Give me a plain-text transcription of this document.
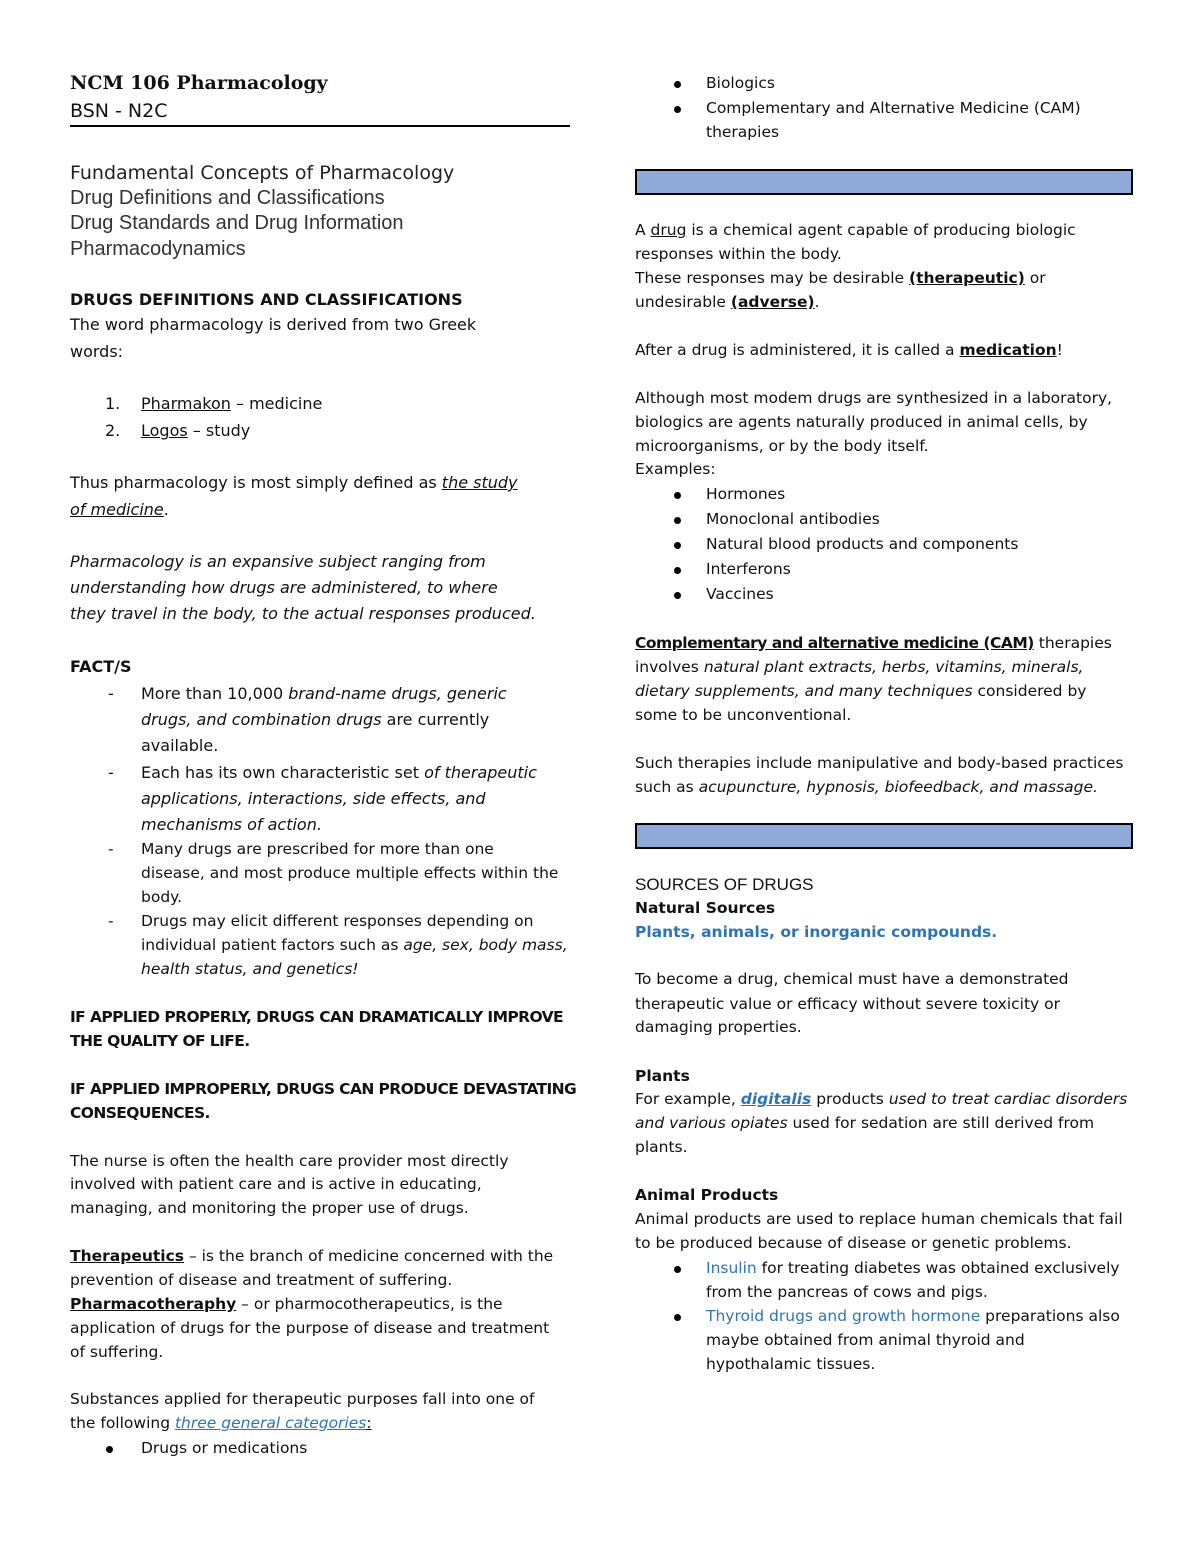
NCM 106 Pharmacology
BSN - N2C
Fundamental Concepts of Pharmacology
Drug Definitions and Classifications
Drug Standards and Drug Information
Pharmacodynamics
DRUGS DEFINITIONS AND CLASSIFICATIONS
The word pharmacology is derived from two Greek
words:
1. Pharmakon – medicine
2. Logos – study
Thus pharmacology is most simply defined as the study
of medicine.
Pharmacology is an expansive subject ranging from
understanding how drugs are administered, to where
they travel in the body, to the actual responses produced.
FACT/S
- More than 10,000 brand-name drugs, generic
drugs, and combination drugs are currently
available.
- Each has its own characteristic set of therapeutic
applications, interactions, side effects, and
mechanisms of action.
- Many drugs are prescribed for more than one
disease, and most produce multiple effects within the
body.
- Drugs may elicit different responses depending on
individual patient factors such as age, sex, body mass,
health status, and genetics!
IF APPLIED PROPERLY, DRUGS CAN DRAMATICALLY IMPROVE
THE QUALITY OF LIFE.
IF APPLIED IMPROPERLY, DRUGS CAN PRODUCE DEVASTATING
CONSEQUENCES.
The nurse is often the health care provider most directly
involved with patient care and is active in educating,
managing, and monitoring the proper use of drugs.
Therapeutics – is the branch of medicine concerned with the
prevention of disease and treatment of suffering.
Pharmacotheraphy – or pharmocotherapeutics, is the
application of drugs for the purpose of disease and treatment
of suffering.
Substances applied for therapeutic purposes fall into one of
the following three general categories:
Drugs or medications
Biologics
Complementary and Alternative Medicine (CAM)
therapies
A drug is a chemical agent capable of producing biologic
responses within the body.
These responses may be desirable (therapeutic) or
undesirable (adverse).
After a drug is administered, it is called a medication!
Although most modem drugs are synthesized in a laboratory,
biologics are agents naturally produced in animal cells, by
microorganisms, or by the body itself.
Examples:
Hormones
Monoclonal antibodies
Natural blood products and components
Interferons
Vaccines
Complementary and alternative medicine (CAM) therapies
involves natural plant extracts, herbs, vitamins, minerals,
dietary supplements, and many techniques considered by
some to be unconventional.
Such therapies include manipulative and body-based practices
such as acupuncture, hypnosis, biofeedback, and massage.
SOURCES OF DRUGS
Natural Sources
Plants, animals, or inorganic compounds.
To become a drug, chemical must have a demonstrated
therapeutic value or efficacy without severe toxicity or
damaging properties.
Plants
For example, digitalis products used to treat cardiac disorders
and various opiates used for sedation are still derived from
plants.
Animal Products
Animal products are used to replace human chemicals that fail
to be produced because of disease or genetic problems.
Insulin for treating diabetes was obtained exclusively
from the pancreas of cows and pigs.
Thyroid drugs and growth hormone preparations also
maybe obtained from animal thyroid and
hypothalamic tissues.
